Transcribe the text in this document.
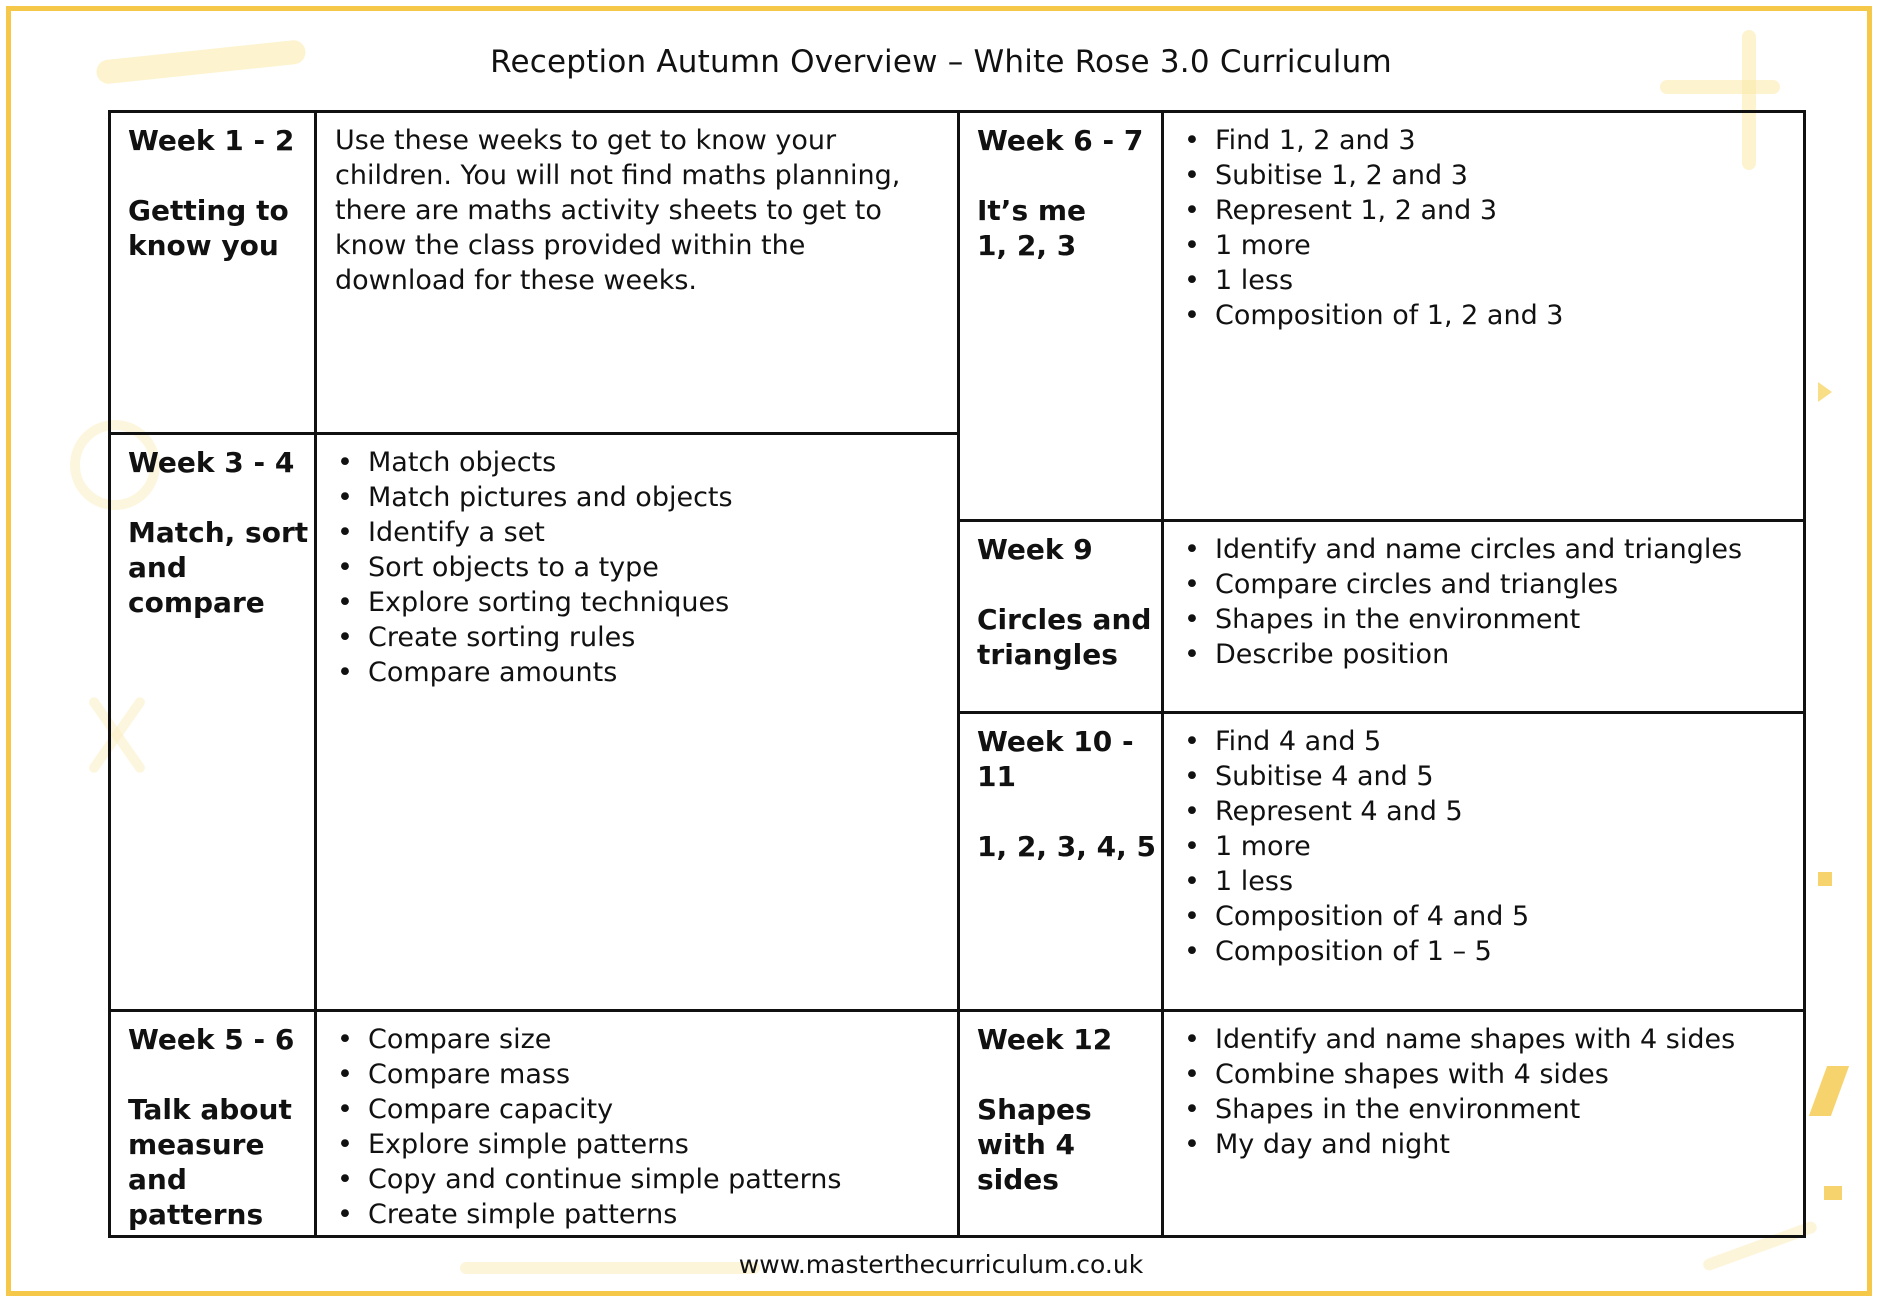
Reception Autumn Overview – White Rose 3.0 Curriculum
Week 1 - 2
Getting to know you
Use these weeks to get to know your children. You will not find maths planning, there are maths activity sheets to get to know the class provided within the download for these weeks.
Week 3 - 4
Match, sort and compare
• Match objects
• Match pictures and objects
• Identify a set
• Sort objects to a type
• Explore sorting techniques
• Create sorting rules
• Compare amounts
Week 5 - 6
Talk about measure and patterns
• Compare size
• Compare mass
• Compare capacity
• Explore simple patterns
• Copy and continue simple patterns
• Create simple patterns
Week 6 - 7
It’s me 1, 2, 3
• Find 1, 2 and 3
• Subitise 1, 2 and 3
• Represent 1, 2 and 3
• 1 more
• 1 less
• Composition of 1, 2 and 3
Week 9
Circles and triangles
• Identify and name circles and triangles
• Compare circles and triangles
• Shapes in the environment
• Describe position
Week 10 - 11
1, 2, 3, 4, 5
• Find 4 and 5
• Subitise 4 and 5
• Represent 4 and 5
• 1 more
• 1 less
• Composition of 4 and 5
• Composition of 1 – 5
Week 12
Shapes with 4 sides
• Identify and name shapes with 4 sides
• Combine shapes with 4 sides
• Shapes in the environment
• My day and night
www.masterthecurriculum.co.uk
